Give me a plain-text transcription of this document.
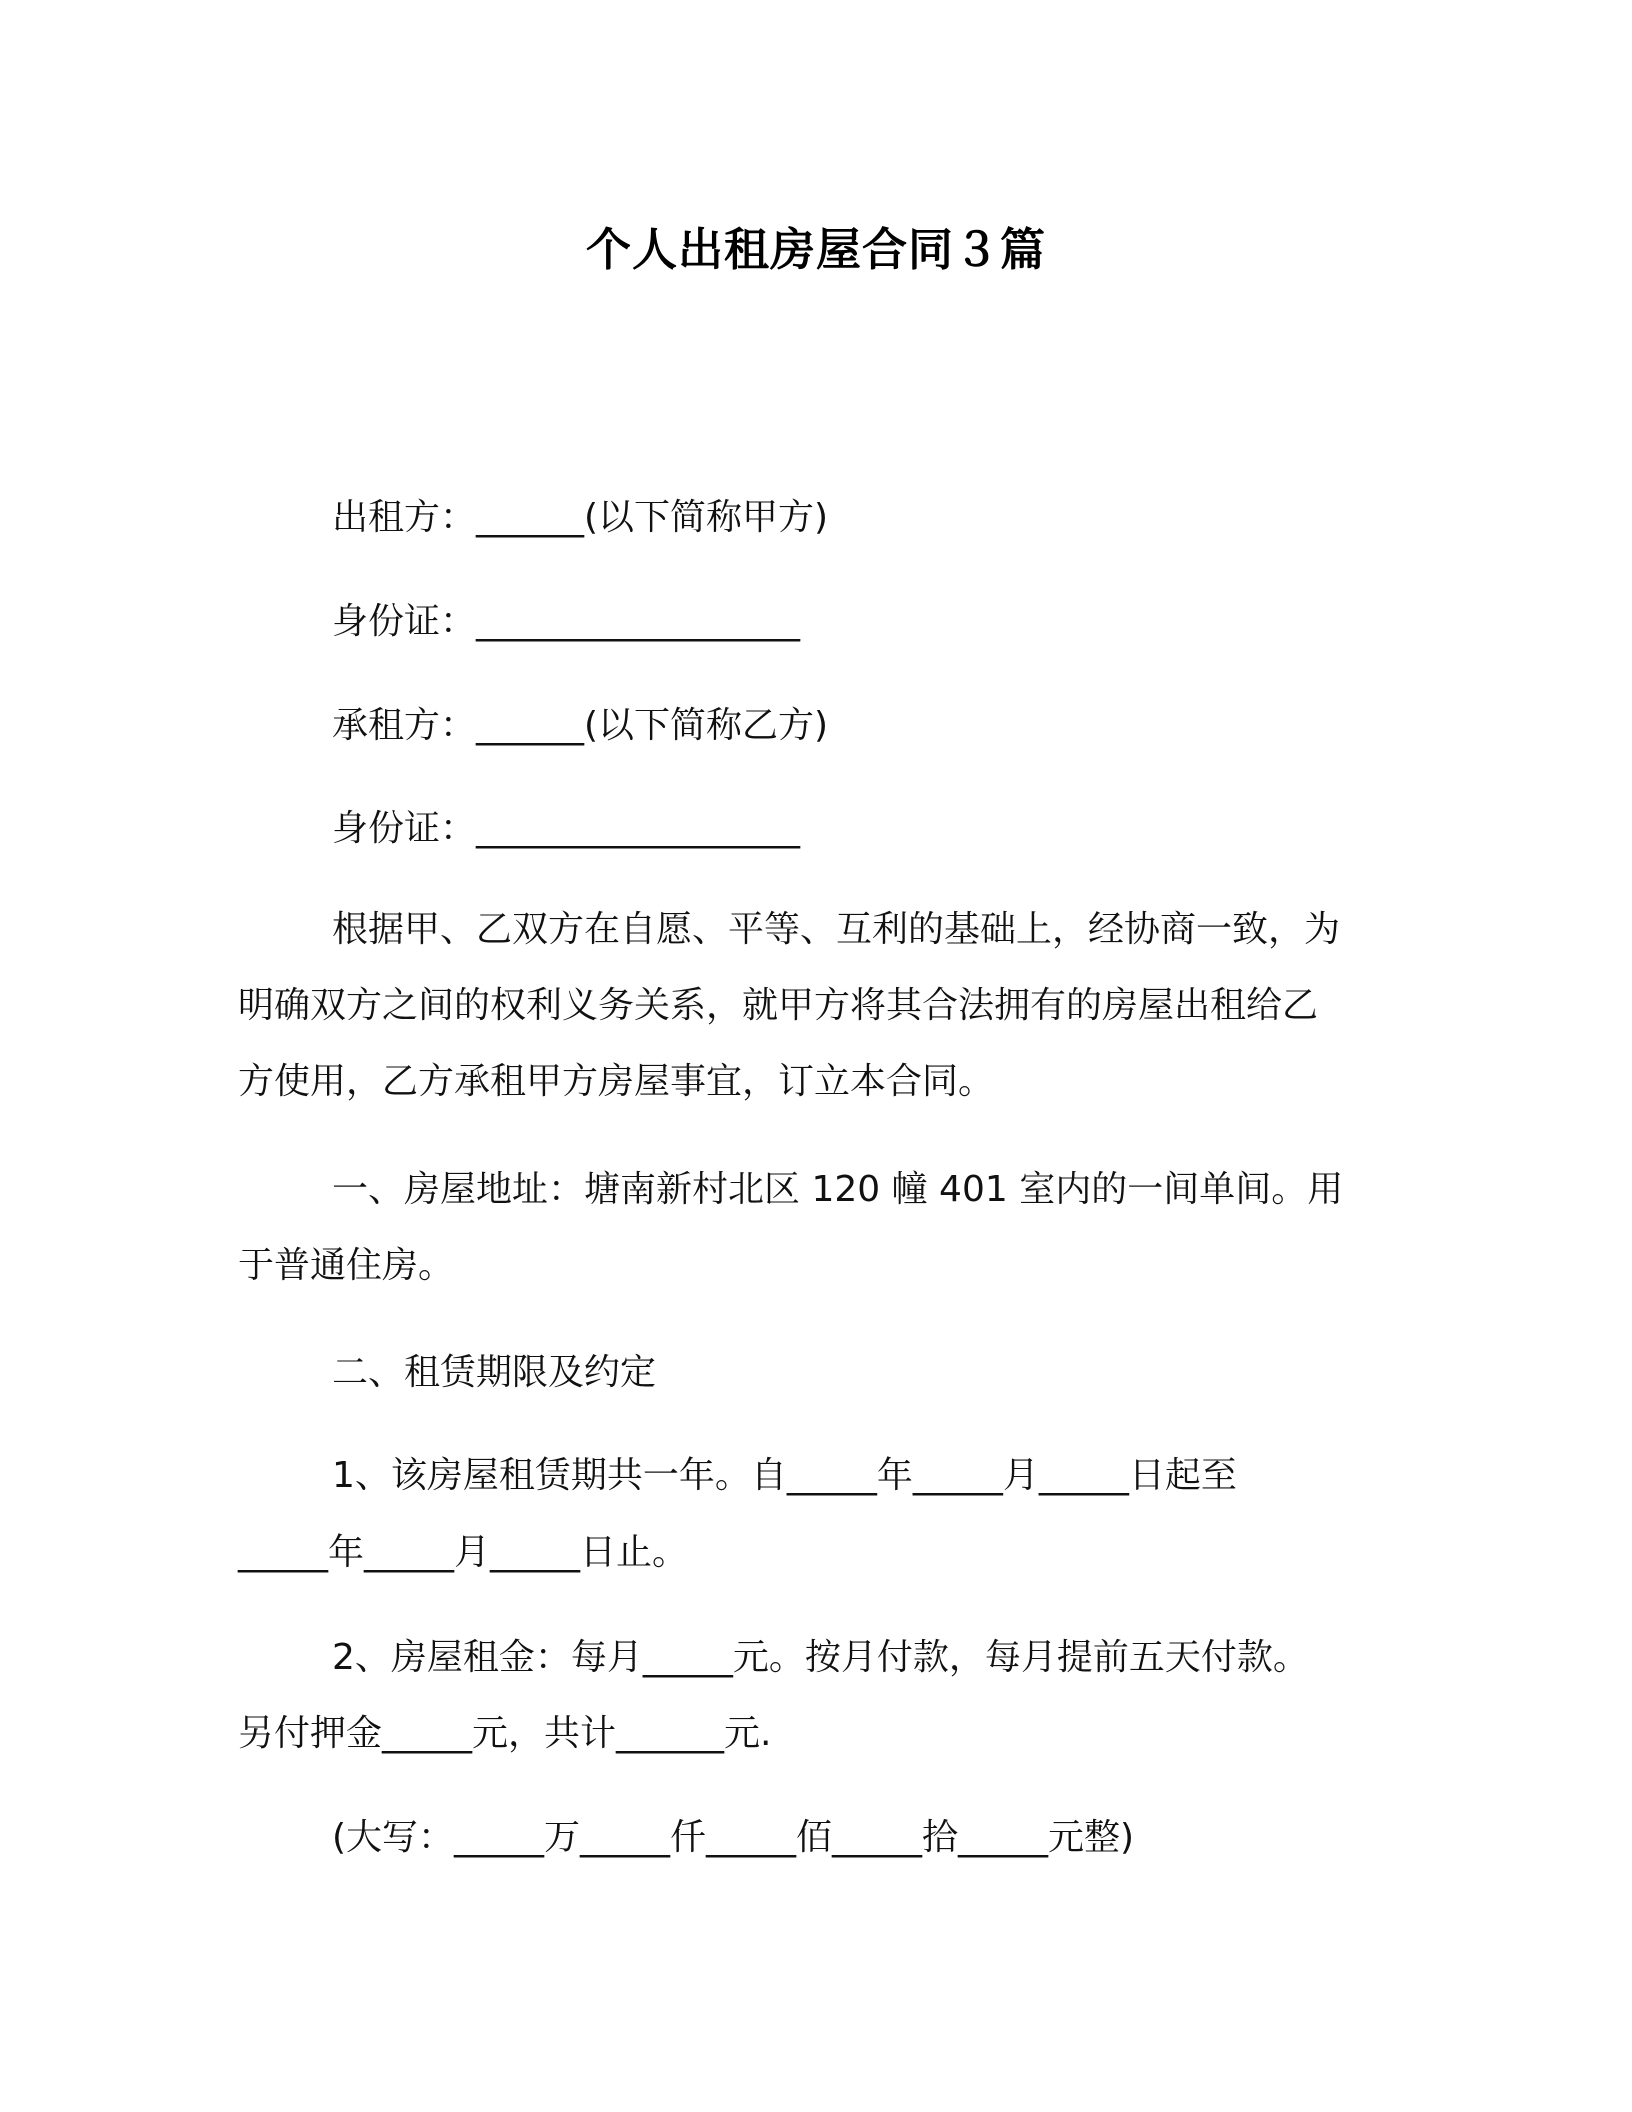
个人出租房屋合同３篇
出租方：______(以下简称甲方)
身份证：__________________
承租方：______(以下简称乙方)
身份证：__________________
根据甲、乙双方在自愿、平等、互利的基础上，经协商一致，为
明确双方之间的权利义务关系，就甲方将其合法拥有的房屋出租给乙
方使用，乙方承租甲方房屋事宜，订立本合同。
一、房屋地址：塘南新村北区 120 幢 401 室内的一间单间。用
于普通住房。
二、租赁期限及约定
1、该房屋租赁期共一年。自_____年_____月_____日起至
_____年_____月_____日止。
2、房屋租金：每月_____元。按月付款，每月提前五天付款。
另付押金_____元，共计______元.
(大写：_____万_____仟_____佰_____拾_____元整)
